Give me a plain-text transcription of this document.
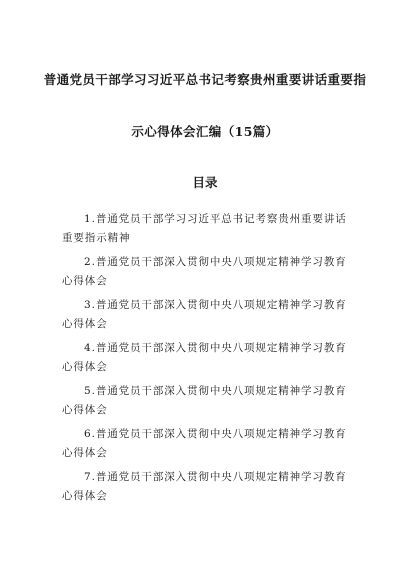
普通党员干部学习习近平总书记考察贵州重要讲话重要指
示心得体会汇编（15篇）
目录
1.普通党员干部学习习近平总书记考察贵州重要讲话
重要指示精神
2.普通党员干部深入贯彻中央八项规定精神学习教育
心得体会
3.普通党员干部深入贯彻中央八项规定精神学习教育
心得体会
4.普通党员干部深入贯彻中央八项规定精神学习教育
心得体会
5.普通党员干部深入贯彻中央八项规定精神学习教育
心得体会
6.普通党员干部深入贯彻中央八项规定精神学习教育
心得体会
7.普通党员干部深入贯彻中央八项规定精神学习教育
心得体会
